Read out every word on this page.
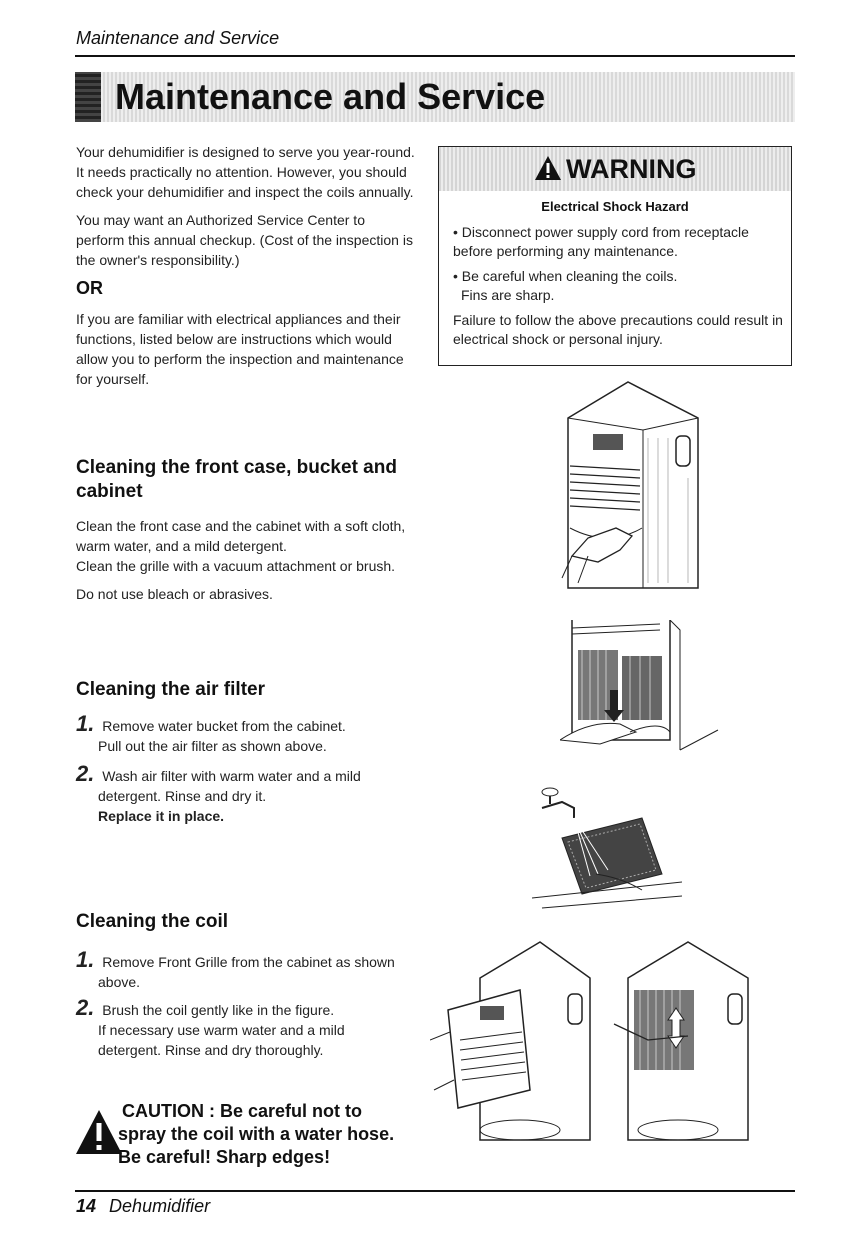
Maintenance and Service
Maintenance and Service

Your dehumidifier is designed to serve you year-round. It needs practically no attention. However, you should check your dehumidifier and inspect the coils annually.

You may want an Authorized Service Center to perform this annual checkup. (Cost of the inspection is the owner's responsibility.)

OR

If you are familiar with electrical appliances and their functions, listed below are instructions which would allow you to perform the inspection and maintenance for yourself.

WARNING
Electrical Shock Hazard

• Disconnect power supply cord from receptacle before performing any maintenance.

• Be careful when cleaning the coils.

Fins are sharp.

Failure to follow the above precautions could result in electrical shock or personal injury.

Cleaning the front case, bucket and cabinet

Clean the front case and the cabinet with a soft cloth, warm water, and a mild detergent.

Clean the grille with a vacuum attachment or brush.

Do not use bleach or abrasives.

Cleaning the air filter
1. Remove water bucket from the cabinet.
Pull out the air filter as shown above.
2. Wash air filter with warm water and a mild detergent. Rinse and dry it.
Replace it in place.
Cleaning the coil
1. Remove Front Grille from the cabinet as shown above.
2. Brush the coil gently like in the figure.
If necessary use warm water and a mild detergent. Rinse and dry thoroughly.
CAUTION : Be careful not to
spray the coil with a water hose.
Be careful! Sharp edges!
14 Dehumidifier
